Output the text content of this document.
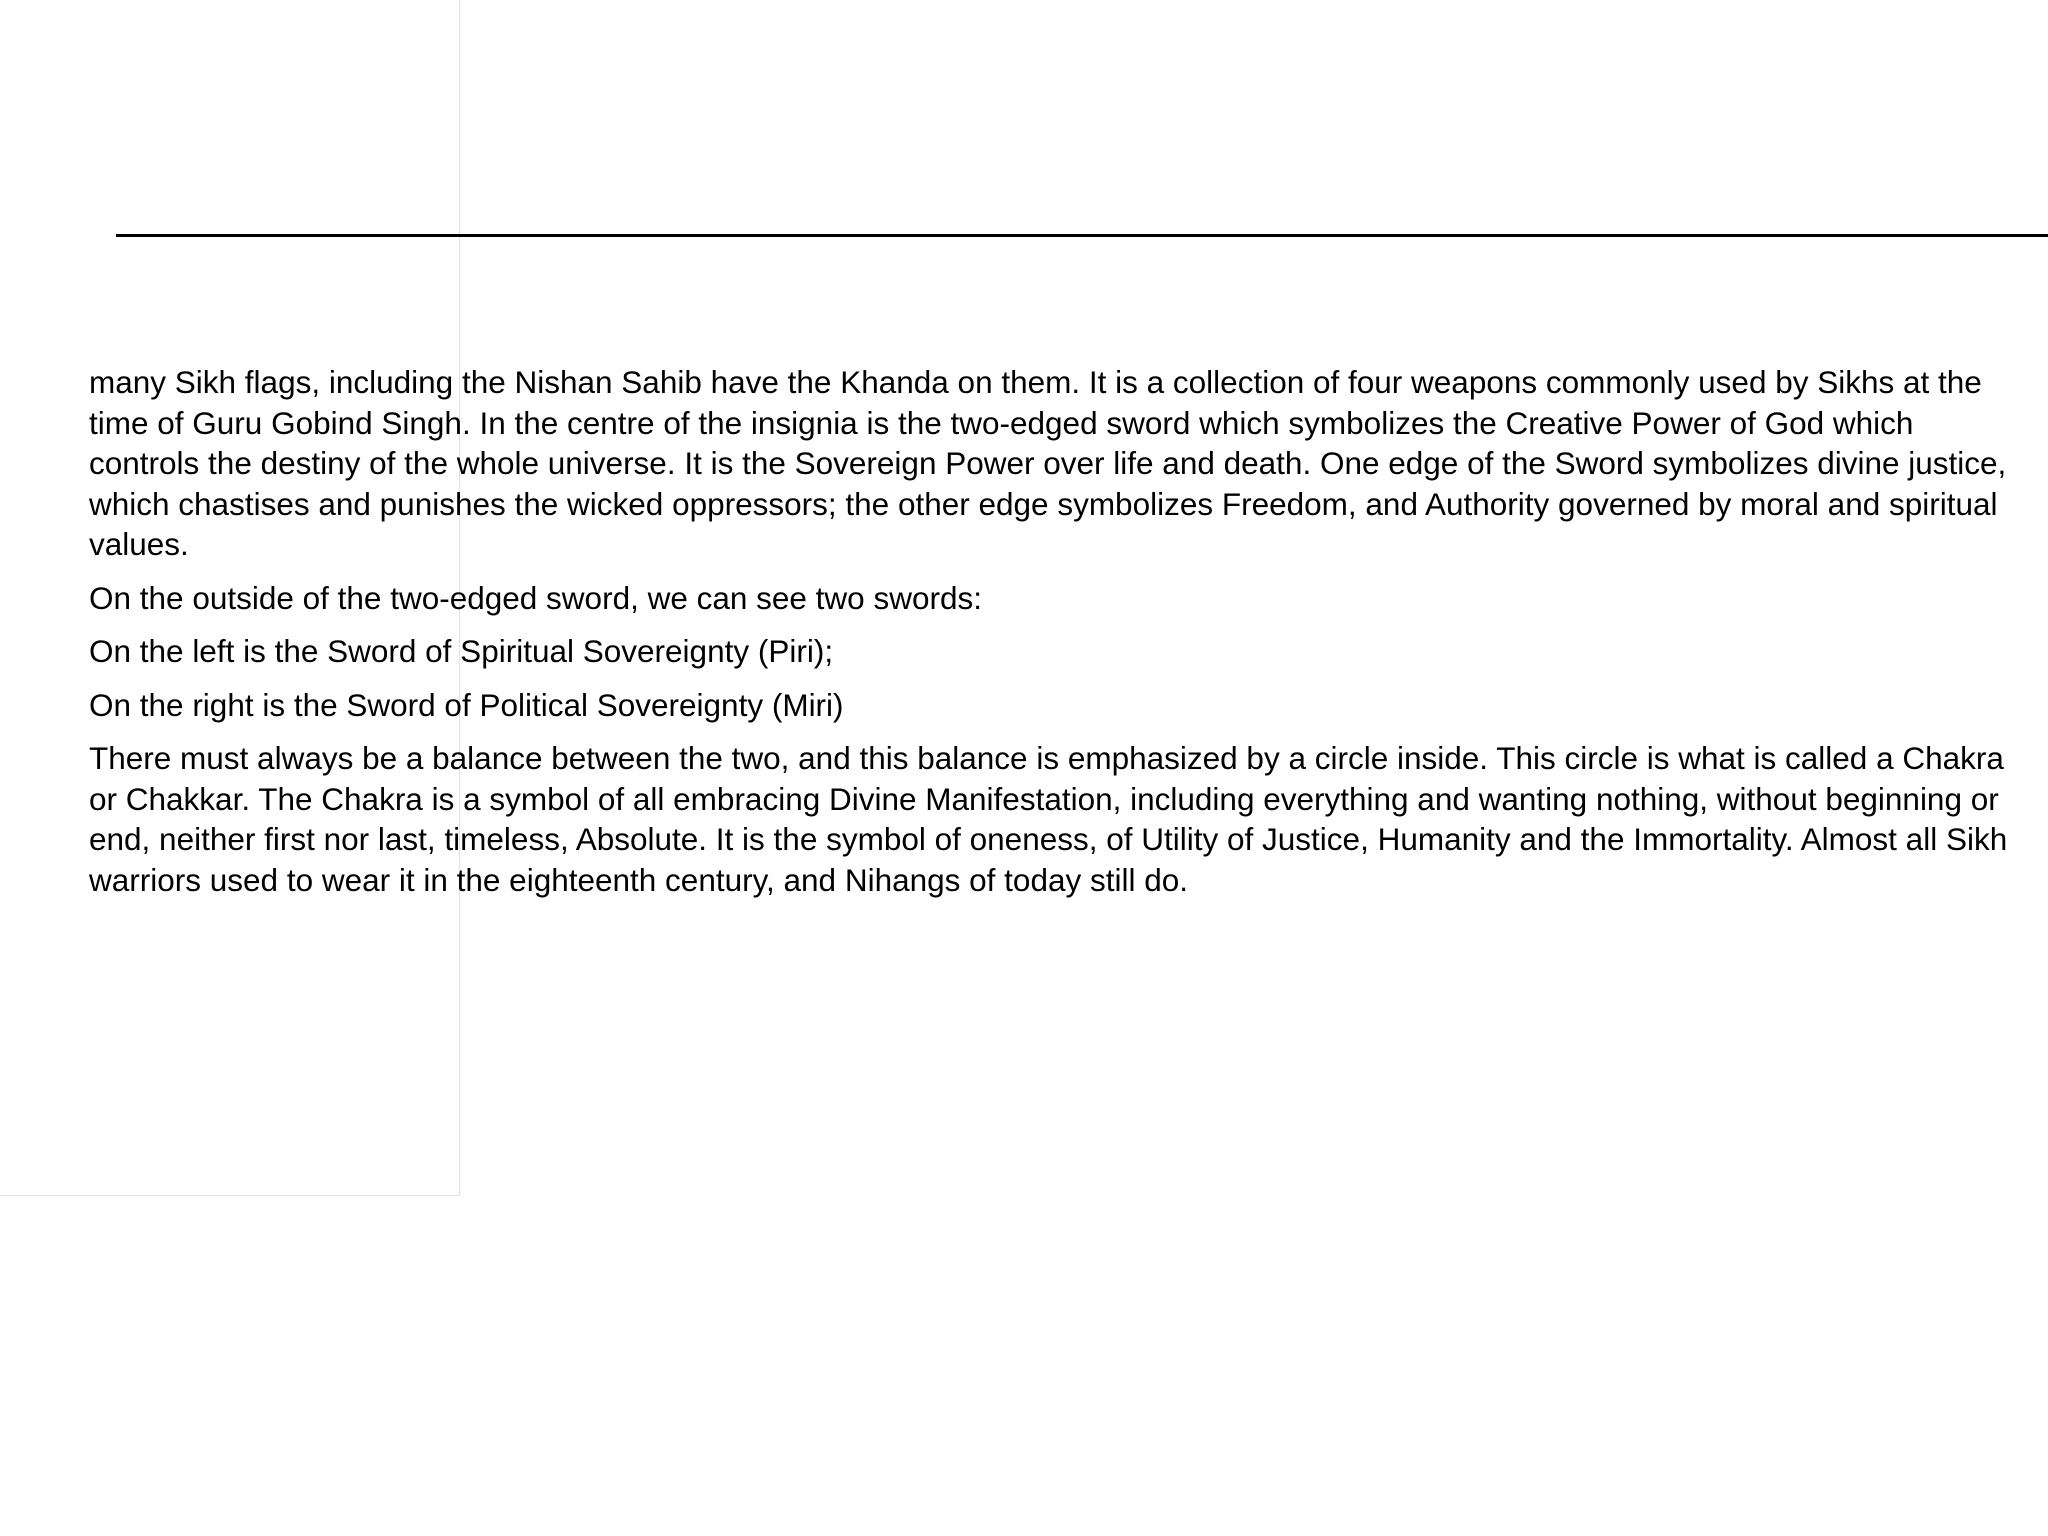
many Sikh flags, including the Nishan Sahib have the Khanda on them. It is a collection of four weapons commonly used by Sikhs at the time of Guru Gobind Singh. In the centre of the insignia is the two-edged sword which symbolizes the Creative Power of God which controls the destiny of the whole universe. It is the Sovereign Power over life and death. One edge of the Sword symbolizes divine justice, which chastises and punishes the wicked oppressors; the other edge symbolizes Freedom, and Authority governed by moral and spiritual values.

On the outside of the two-edged sword, we can see two swords:

On the left is the Sword of Spiritual Sovereignty (Piri);

On the right is the Sword of Political Sovereignty (Miri)

There must always be a balance between the two, and this balance is emphasized by a circle inside. This circle is what is called a Chakra or Chakkar. The Chakra is a symbol of all embracing Divine Manifestation, including everything and wanting nothing, without beginning or end, neither first nor last, timeless, Absolute. It is the symbol of oneness, of Utility of Justice, Humanity and the Immortality. Almost all Sikh warriors used to wear it in the eighteenth century, and Nihangs of today still do.
